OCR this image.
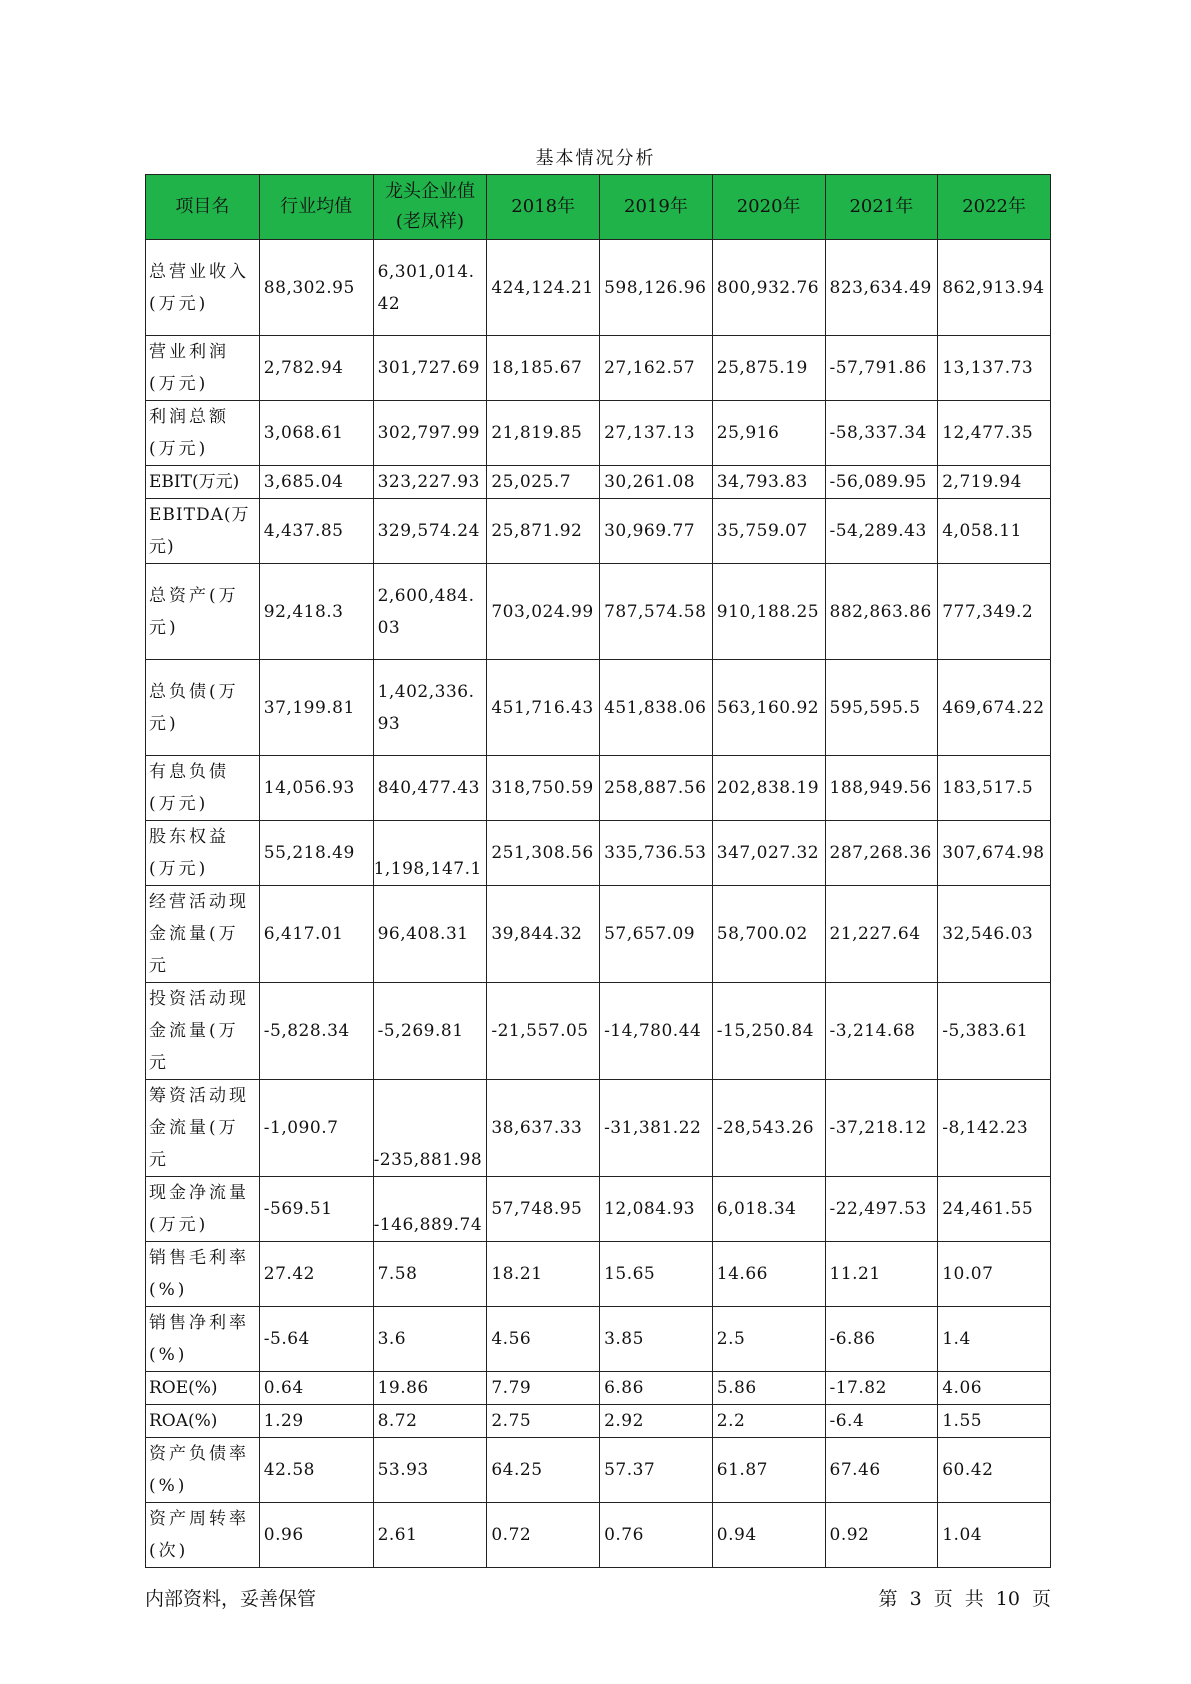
基本情况分析
项目名	行业均值	龙头企业值(老凤祥)	2018年	2019年	2020年	2021年	2022年
总营业收入(万元)	88,302.95	6,301,014.42	424,124.21	598,126.96	800,932.76	823,634.49	862,913.94
营业利润(万元)	2,782.94	301,727.69	18,185.67	27,162.57	25,875.19	-57,791.86	13,137.73
利润总额(万元)	3,068.61	302,797.99	21,819.85	27,137.13	25,916	-58,337.34	12,477.35
EBIT(万元)	3,685.04	323,227.93	25,025.7	30,261.08	34,793.83	-56,089.95	2,719.94
EBITDA(万元)	4,437.85	329,574.24	25,871.92	30,969.77	35,759.07	-54,289.43	4,058.11
总资产(万元)	92,418.3	2,600,484.03	703,024.99	787,574.58	910,188.25	882,863.86	777,349.2
总负债(万元)	37,199.81	1,402,336.93	451,716.43	451,838.06	563,160.92	595,595.5	469,674.22
有息负债(万元)	14,056.93	840,477.43	318,750.59	258,887.56	202,838.19	188,949.56	183,517.5
股东权益(万元)	55,218.49	1,198,147.1	251,308.56	335,736.53	347,027.32	287,268.36	307,674.98
经营活动现金流量(万元	6,417.01	96,408.31	39,844.32	57,657.09	58,700.02	21,227.64	32,546.03
投资活动现金流量(万元	-5,828.34	-5,269.81	-21,557.05	-14,780.44	-15,250.84	-3,214.68	-5,383.61
筹资活动现金流量(万元	-1,090.7	-235,881.98	38,637.33	-31,381.22	-28,543.26	-37,218.12	-8,142.23
现金净流量(万元)	-569.51	-146,889.74	57,748.95	12,084.93	6,018.34	-22,497.53	24,461.55
销售毛利率(%)	27.42	7.58	18.21	15.65	14.66	11.21	10.07
销售净利率(%)	-5.64	3.6	4.56	3.85	2.5	-6.86	1.4
ROE(%)	0.64	19.86	7.79	6.86	5.86	-17.82	4.06
ROA(%)	1.29	8.72	2.75	2.92	2.2	-6.4	1.55
资产负债率(%)	42.58	53.93	64.25	57.37	61.87	67.46	60.42
资产周转率(次)	0.96	2.61	0.72	0.76	0.94	0.92	1.04
内部资料，妥善保管	第 3 页 共 10 页
